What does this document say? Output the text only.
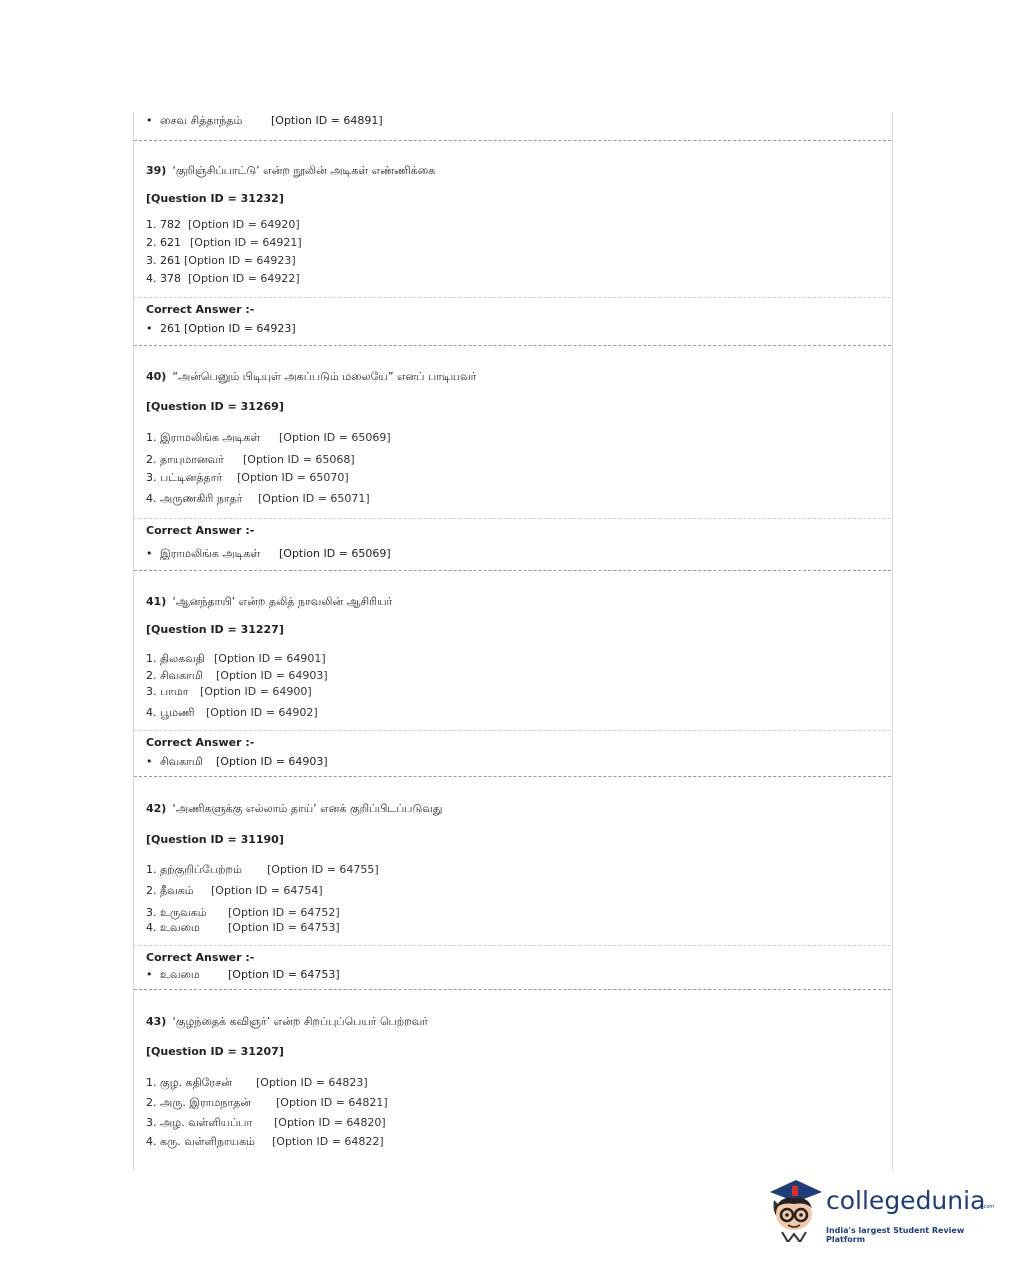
• சைவ சித்தாந்தம்	[Option ID = 64891]
39) ‘குறிஞ்சிப்பாட்டு’ என்ற நூலின் அடிகள் எண்ணிக்கை
[Question ID = 31232]
1. 782 [Option ID = 64920]
2. 621 [Option ID = 64921]
3. 261 [Option ID = 64923]
4. 378 [Option ID = 64922]
Correct Answer :-
• 261 [Option ID = 64923]
40) “அன்பெனும் பிடியுள் அகப்படும் மலையே” எனப் பாடியவர்
[Question ID = 31269]
1. இராமலிங்க அடிகள் [Option ID = 65069]
2. தாயுமானவர் [Option ID = 65068]
3. பட்டினத்தார் [Option ID = 65070]
4. அருணகிரி நாதர் [Option ID = 65071]
Correct Answer :-
• இராமலிங்க அடிகள் [Option ID = 65069]
41) ‘ஆனந்தாயி’ என்ற தலித் நாவலின் ஆசிரியர்
[Question ID = 31227]
1. திலகவதி [Option ID = 64901]
2. சிவகாமி [Option ID = 64903]
3. பாமா [Option ID = 64900]
4. பூமணி [Option ID = 64902]
Correct Answer :-
• சிவகாமி [Option ID = 64903]
42) ‘அணிகளுக்கு எல்லாம் தாய்’ எனக் குறிப்பிடப்படுவது
[Question ID = 31190]
1. தற்குறிப்பேற்றம் [Option ID = 64755]
2. தீவகம் [Option ID = 64754]
3. உருவகம் [Option ID = 64752]
4. உவமை	[Option ID = 64753]
Correct Answer :-
• உவமை	[Option ID = 64753]
43) ‘குழந்தைக் கவிஞர்’ என்ற சிறப்புப்பெயர் பெற்றவர்
[Question ID = 31207]
1. குழ. கதிரேசன் [Option ID = 64823]
2. அரு. இராமநாதன் [Option ID = 64821]
3. அழ. வள்ளியப்பா [Option ID = 64820]
4. கரு. வள்ளிநாயகம் [Option ID = 64822]
collegedunia
.com
India's largest Student Review Platform
